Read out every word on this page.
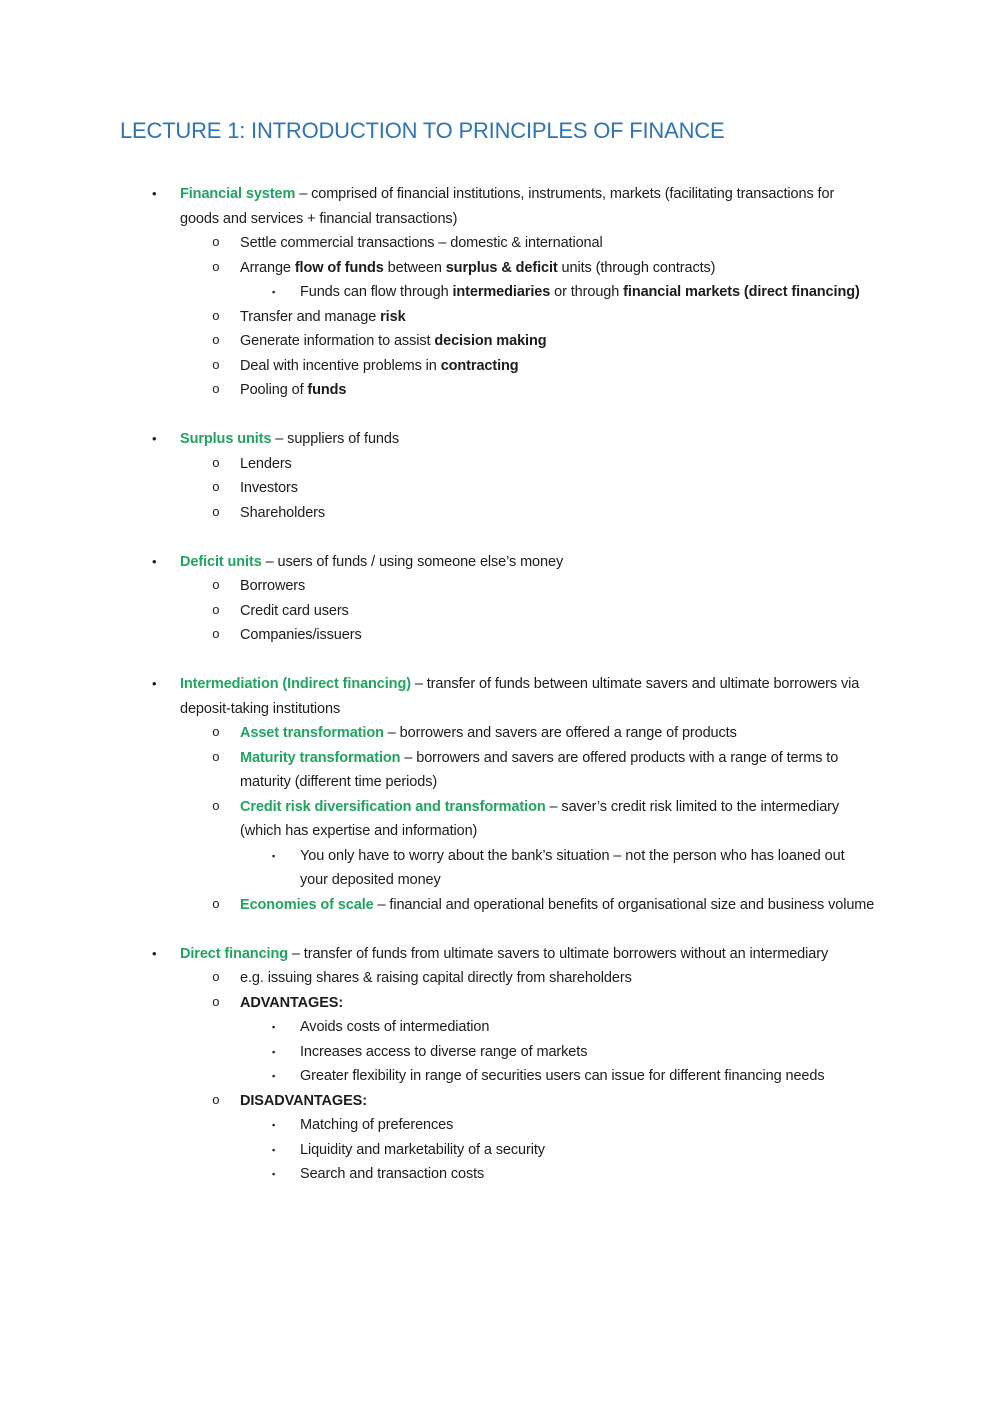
LECTURE 1: INTRODUCTION TO PRINCIPLES OF FINANCE
•	Financial system – comprised of financial institutions, instruments, markets (facilitating transactions for goods and services + financial transactions)
o	Settle commercial transactions – domestic & international
o	Arrange flow of funds between surplus & deficit units (through contracts)
▪	Funds can flow through intermediaries or through financial markets (direct financing)
o	Transfer and manage risk
o	Generate information to assist decision making
o	Deal with incentive problems in contracting
o	Pooling of funds
•	Surplus units – suppliers of funds
o	Lenders
o	Investors
o	Shareholders
•	Deficit units – users of funds / using someone else’s money
o	Borrowers
o	Credit card users
o	Companies/issuers
•	Intermediation (Indirect financing) – transfer of funds between ultimate savers and ultimate borrowers via deposit-taking institutions
o	Asset transformation – borrowers and savers are offered a range of products
o	Maturity transformation – borrowers and savers are offered products with a range of terms to maturity (different time periods)
o	Credit risk diversification and transformation – saver’s credit risk limited to the intermediary (which has expertise and information)
▪	You only have to worry about the bank’s situation – not the person who has loaned out your deposited money
o	Economies of scale – financial and operational benefits of organisational size and business volume
•	Direct financing – transfer of funds from ultimate savers to ultimate borrowers without an intermediary
o	e.g. issuing shares & raising capital directly from shareholders
o	ADVANTAGES:
▪	Avoids costs of intermediation
▪	Increases access to diverse range of markets
▪	Greater flexibility in range of securities users can issue for different financing needs
o	DISADVANTAGES:
▪	Matching of preferences
▪	Liquidity and marketability of a security
▪	Search and transaction costs
